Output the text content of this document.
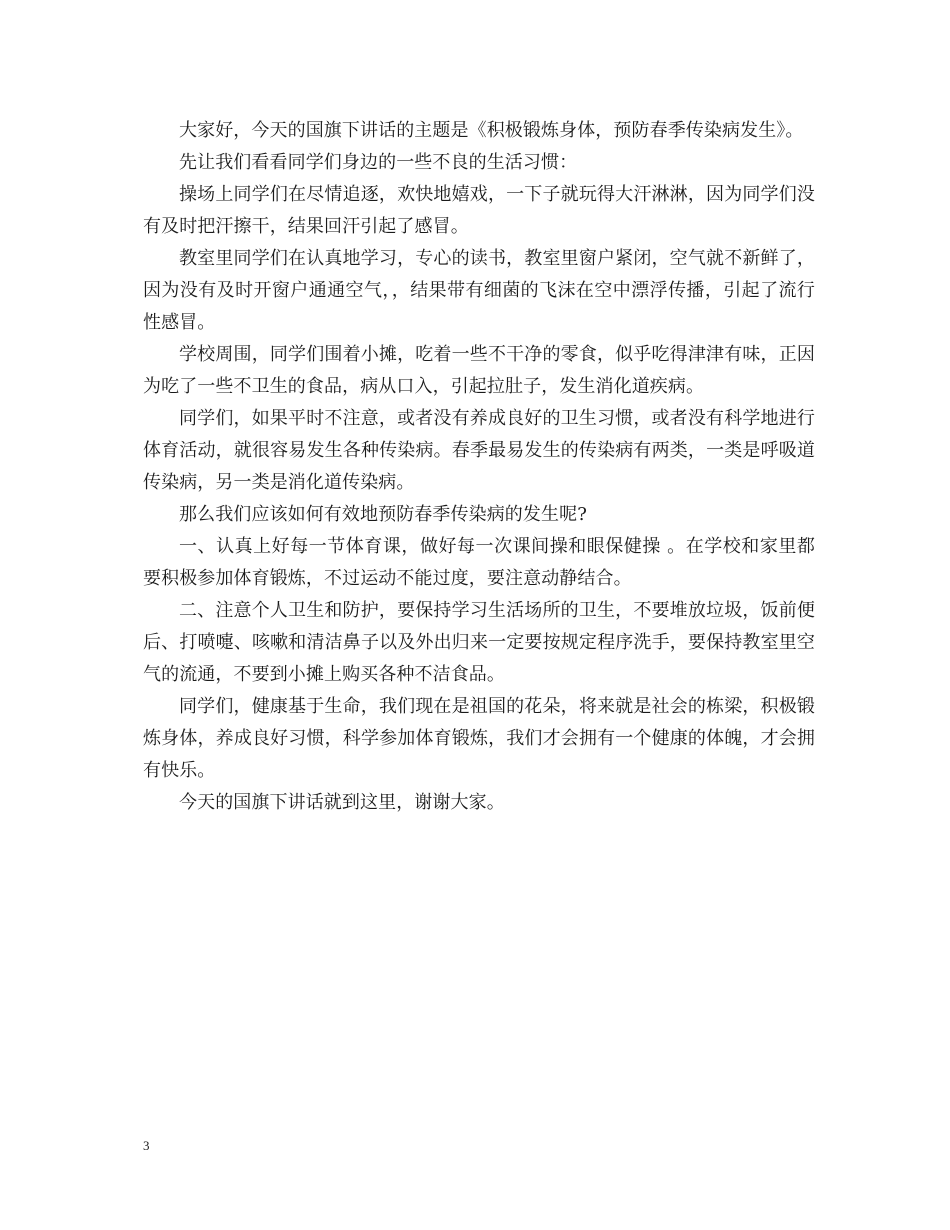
大家好，今天的国旗下讲话的主题是《积极锻炼身体，预防春季传染病发生》。

先让我们看看同学们身边的一些不良的生活习惯：

操场上同学们在尽情追逐，欢快地嬉戏，一下子就玩得大汗淋淋，因为同学们没有及时把汗擦干，结果回汗引起了感冒。

教室里同学们在认真地学习，专心的读书，教室里窗户紧闭，空气就不新鲜了，因为没有及时开窗户通通空气，，结果带有细菌的飞沫在空中漂浮传播，引起了流行性感冒。

学校周围，同学们围着小摊，吃着一些不干净的零食，似乎吃得津津有味，正因为吃了一些不卫生的食品，病从口入，引起拉肚子，发生消化道疾病。

同学们，如果平时不注意，或者没有养成良好的卫生习惯，或者没有科学地进行体育活动，就很容易发生各种传染病。春季最易发生的传染病有两类，一类是呼吸道传染病，另一类是消化道传染病。

那么我们应该如何有效地预防春季传染病的发生呢?

一、认真上好每一节体育课，做好每一次课间操和眼保健操 。在学校和家里都要积极参加体育锻炼，不过运动不能过度，要注意动静结合。

二、注意个人卫生和防护，要保持学习生活场所的卫生，不要堆放垃圾，饭前便后、打喷嚏、咳嗽和清洁鼻子以及外出归来一定要按规定程序洗手，要保持教室里空气的流通，不要到小摊上购买各种不洁食品。

同学们，健康基于生命，我们现在是祖国的花朵，将来就是社会的栋梁，积极锻炼身体，养成良好习惯，科学参加体育锻炼，我们才会拥有一个健康的体魄，才会拥有快乐。

今天的国旗下讲话就到这里，谢谢大家。

3
